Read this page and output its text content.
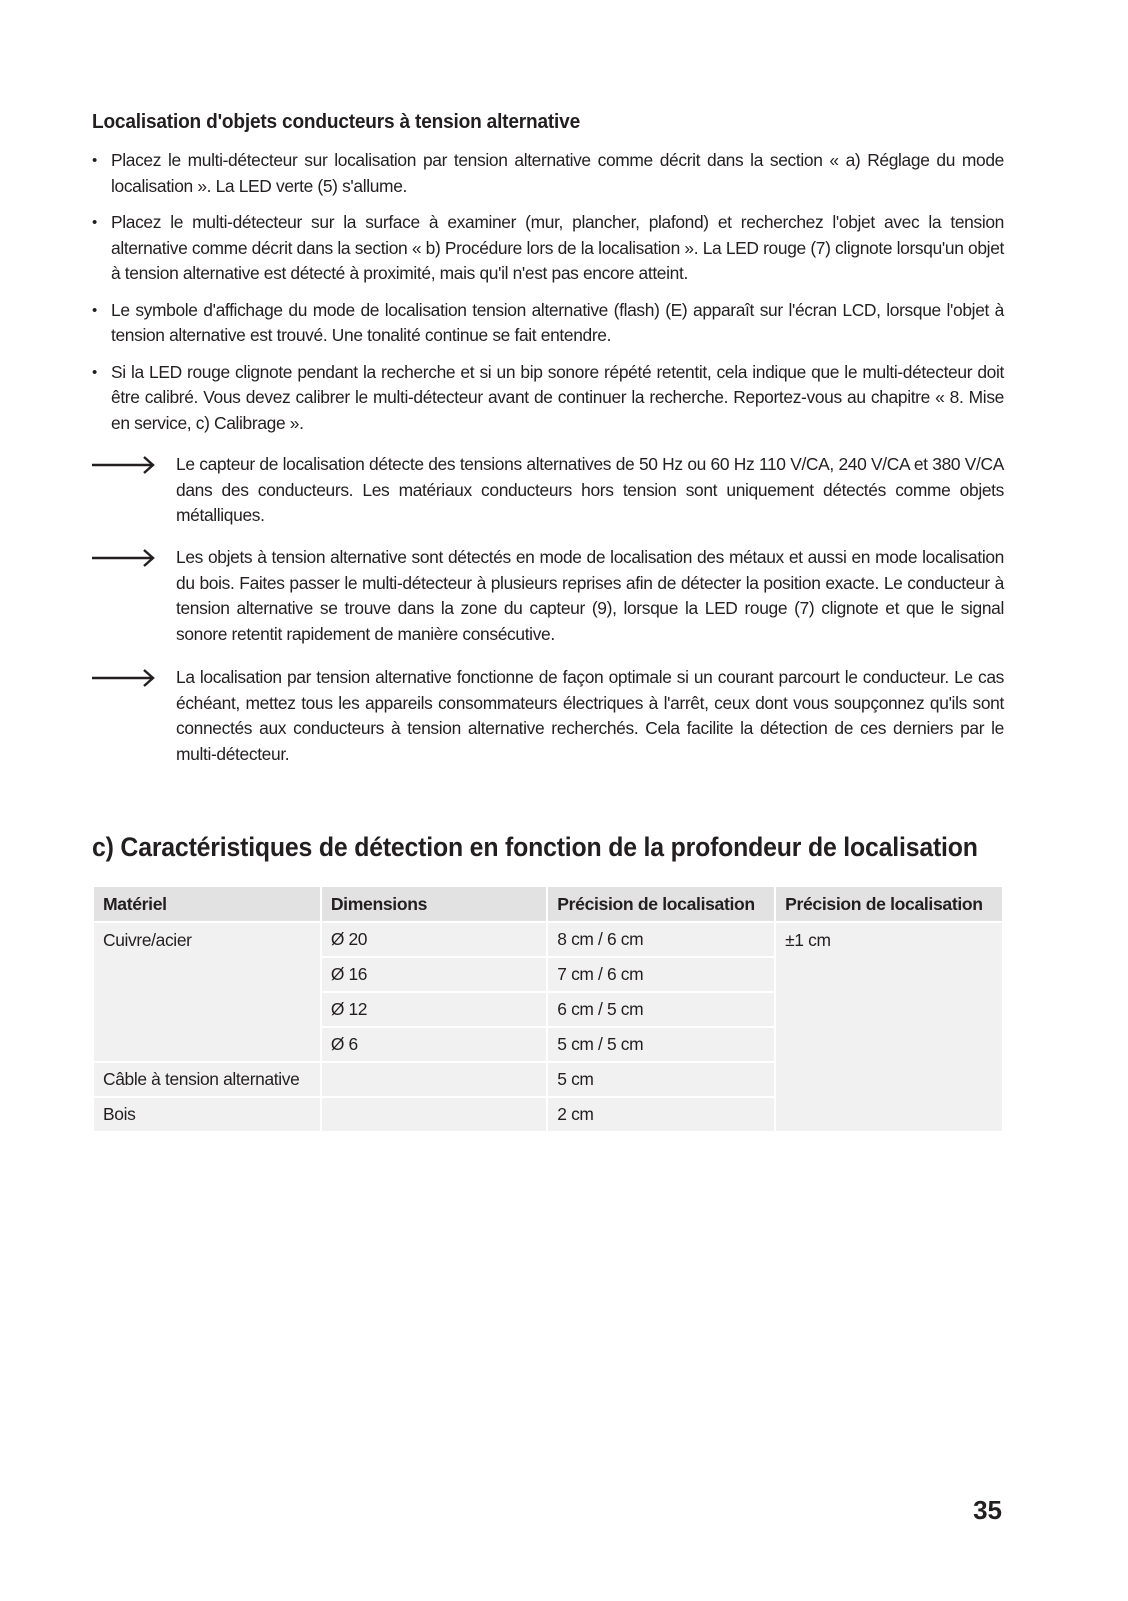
Localisation d'objets conducteurs à tension alternative
• Placez le multi-détecteur sur localisation par tension alternative comme décrit dans la section « a) Réglage du mode localisation ». La LED verte (5) s'allume.
• Placez le multi-détecteur sur la surface à examiner (mur, plancher, plafond) et recherchez l'objet avec la tension alternative comme décrit dans la section « b) Procédure lors de la localisation ». La LED rouge (7) clignote lorsqu'un objet à tension alternative est détecté à proximité, mais qu'il n'est pas encore atteint.
• Le symbole d'affichage du mode de localisation tension alternative (flash) (E) apparaît sur l'écran LCD, lorsque l'objet à tension alternative est trouvé. Une tonalité continue se fait entendre.
• Si la LED rouge clignote pendant la recherche et si un bip sonore répété retentit, cela indique que le multi-détecteur doit être calibré. Vous devez calibrer le multi-détecteur avant de continuer la recherche. Reportez-vous au chapitre « 8. Mise en service, c) Calibrage ».
Le capteur de localisation détecte des tensions alternatives de 50 Hz ou 60 Hz 110 V/CA, 240 V/CA et 380 V/CA dans des conducteurs. Les matériaux conducteurs hors tension sont uniquement détectés comme objets métalliques.
Les objets à tension alternative sont détectés en mode de localisation des métaux et aussi en mode localisation du bois. Faites passer le multi-détecteur à plusieurs reprises afin de détecter la position exacte. Le conducteur à tension alternative se trouve dans la zone du capteur (9), lorsque la LED rouge (7) clignote et que le signal sonore retentit rapidement de manière consécutive.
La localisation par tension alternative fonctionne de façon optimale si un courant parcourt le conducteur. Le cas échéant, mettez tous les appareils consommateurs électriques à l'arrêt, ceux dont vous soupçonnez qu'ils sont connectés aux conducteurs à tension alternative recherchés. Cela facilite la détection de ces derniers par le multi-détecteur.
c) Caractéristiques de détection en fonction de la profondeur de localisation
Matériel	Dimensions	Précision de localisation	Précision de localisation
Cuivre/acier	Ø 20	8 cm / 6 cm	±1 cm
	Ø 16	7 cm / 6 cm	
	Ø 12	6 cm / 5 cm	
	Ø 6	5 cm / 5 cm	
Câble à tension alternative		5 cm	
Bois		2 cm	
35
